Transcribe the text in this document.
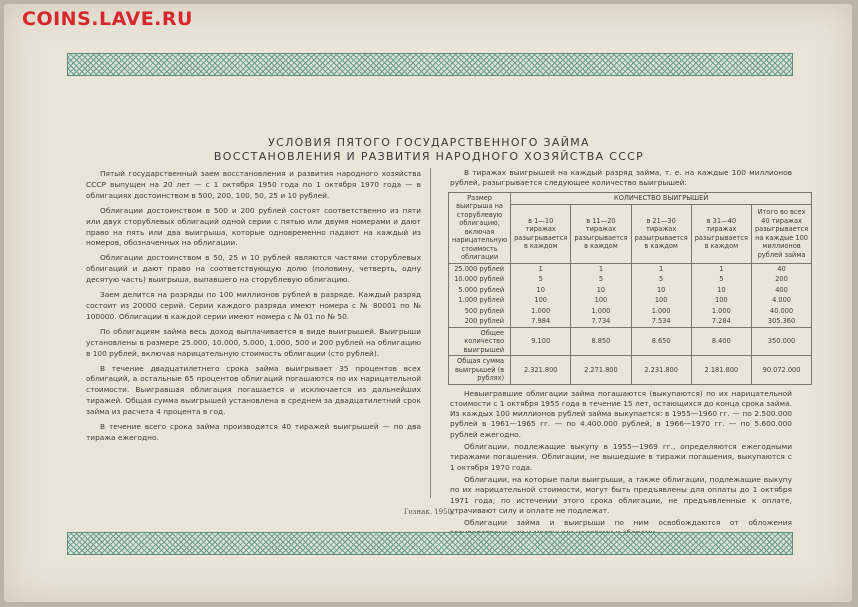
COINS.LAVE.RU
УСЛОВИЯ ПЯТОГО ГОСУДАРСТВЕННОГО ЗАЙМА
ВОССТАНОВЛЕНИЯ И РАЗВИТИЯ НАРОДНОГО ХОЗЯЙСТВА СССР

Пятый государственный заем восстановления и развития народного хозяйства СССР выпущен на 20 лет — с 1 октября 1950 года по 1 октября 1970 года — в облигациях достоинством в 500, 200, 100, 50, 25 и 10 рублей.

Облигации достоинством в 500 и 200 рублей состоят соответственно из пяти или двух сторублевых облигаций одной серии с пятью или двумя номерами и дают право на пять или два выигрыша, которые одновременно падают на каждый из номеров, обозначенных на облигации.

Облигации достоинством в 50, 25 и 10 рублей являются частями сторублевых облигаций и дают право на соответствующую долю (половину, четверть, одну десятую часть) выигрыша, выпавшего на сторублевую облигацию.

Заем делится на разряды по 100 миллионов рублей в разряде. Каждый разряд состоит из 20000 серий. Серии каждого разряда имеют номера с № 80001 по № 100000. Облигации в каждой серии имеют номера с № 01 по № 50.

По облигациям займа весь доход выплачивается в виде выигрышей. Выигрыши установлены в размере 25.000, 10.000, 5.000, 1.000, 500 и 200 рублей на облигацию в 100 рублей, включая нарицательную стоимость облигации (сто рублей).

В течение двадцатилетнего срока займа выигрывает 35 процентов всех облигаций, а остальные 65 процентов облигаций погашаются по их нарицательной стоимости. Выигравшая облигация погашается и исключается из дальнейших тиражей. Общая сумма выигрышей установлена в среднем за двадцатилетний срок займа из расчета 4 процента в год.

В течение всего срока займа производится 40 тиражей выигрышей — по два тиража ежегодно.

В тиражах выигрышей на каждый разряд займа, т. е. на каждые 100 миллионов рублей, разыгрывается следующее количество выигрышей:

Размер выигрыша на сторублевую облигацию, включая нарицательную стоимость облигации	КОЛИЧЕСТВО ВЫИГРЫШЕЙ				
	в 1—10 тиражах разыгрывается в каждом	в 11—20 тиражах разыгрывается в каждом	в 21—30 тиражах разыгрывается в каждом	в 31—40 тиражах разыгрывается в каждом	Итого во всех 40 тиражах разыгрывается на каждые 100 миллионов рублей займа
25.000 рублей	1	1	1	1	40
10.000 рублей	5	5	5	5	200
5.000 рублей	10	10	10	10	400
1.000 рублей	100	100	100	100	4.000
500 рублей	1.000	1.000	1.000	1.000	40.000
200 рублей	7.984	7.734	7.534	7.284	305.360
Общее количество выигрышей	9.100	8.850	8.650	8.400	350.000
Общая сумма выигрышей (в рублях)	2.321.800	2.271.800	2.231.800	2.181.800	90.072.000

Невыигравшие облигации займа погашаются (выкупаются) по их нарицательной стоимости с 1 октября 1955 года в течение 15 лет, остающихся до конца срока займа. Из каждых 100 миллионов рублей займа выкупается: в 1955—1960 гг. — по 2.500.000 рублей в 1961—1965 гг. — по 4.400.000 рублей, в 1966—1970 гг. — по 5.600.000 рублей ежегодно.

Облигации, подлежащие выкупу в 1955—1969 гг., определяются ежегодными тиражами погашения. Облигации, не вышедшие в тиражи погашения, выкупаются с 1 октября 1970 года.

Облигации, на которые пали выигрыши, а также облигации, подлежащие выкупу по их нарицательной стоимости, могут быть предъявлены для оплаты до 1 октября 1971 года; по истечении этого срока облигации, не предъявленные к оплате, утрачивают силу и оплате не подлежат.

Облигации займа и выигрыши по ним освобождаются от обложения

Гознак. 1950.
